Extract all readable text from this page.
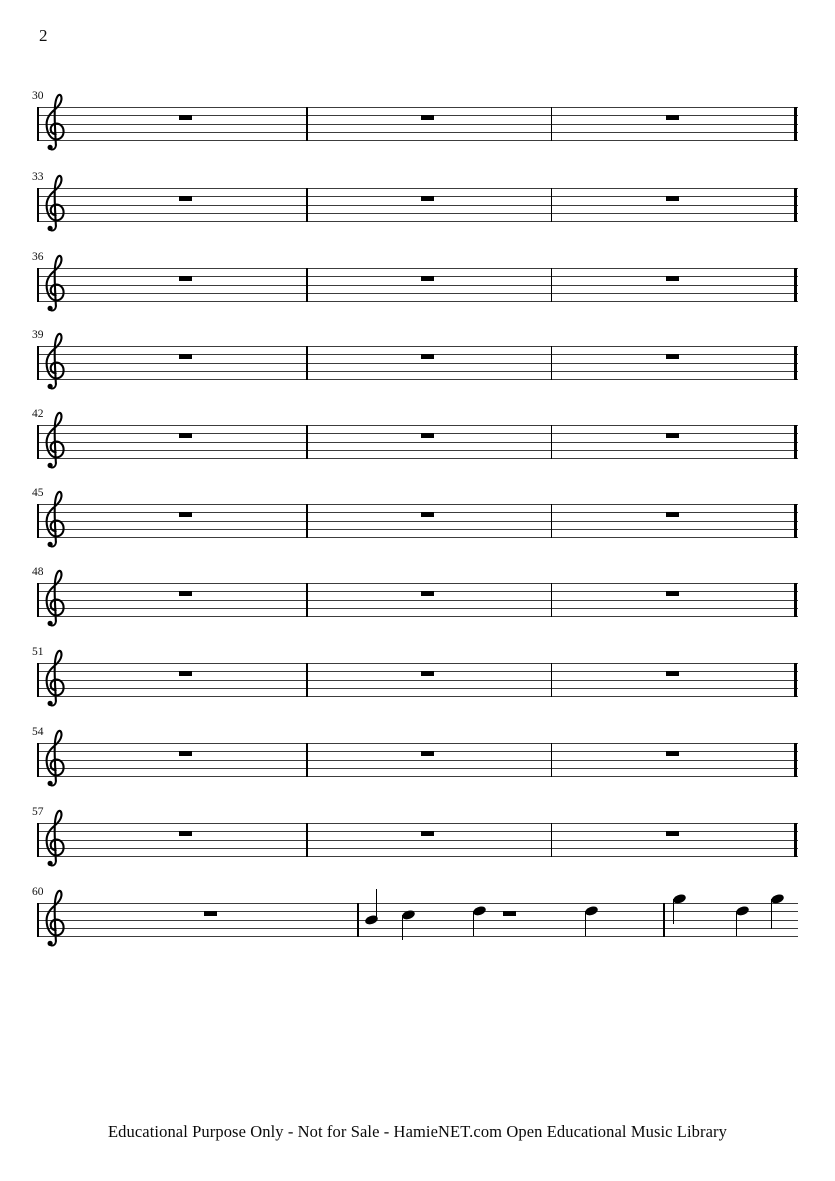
2
30
33
36
39
42
45
48
51
54
57
60
Educational Purpose Only - Not for Sale - HamieNET.com Open Educational Music Library
